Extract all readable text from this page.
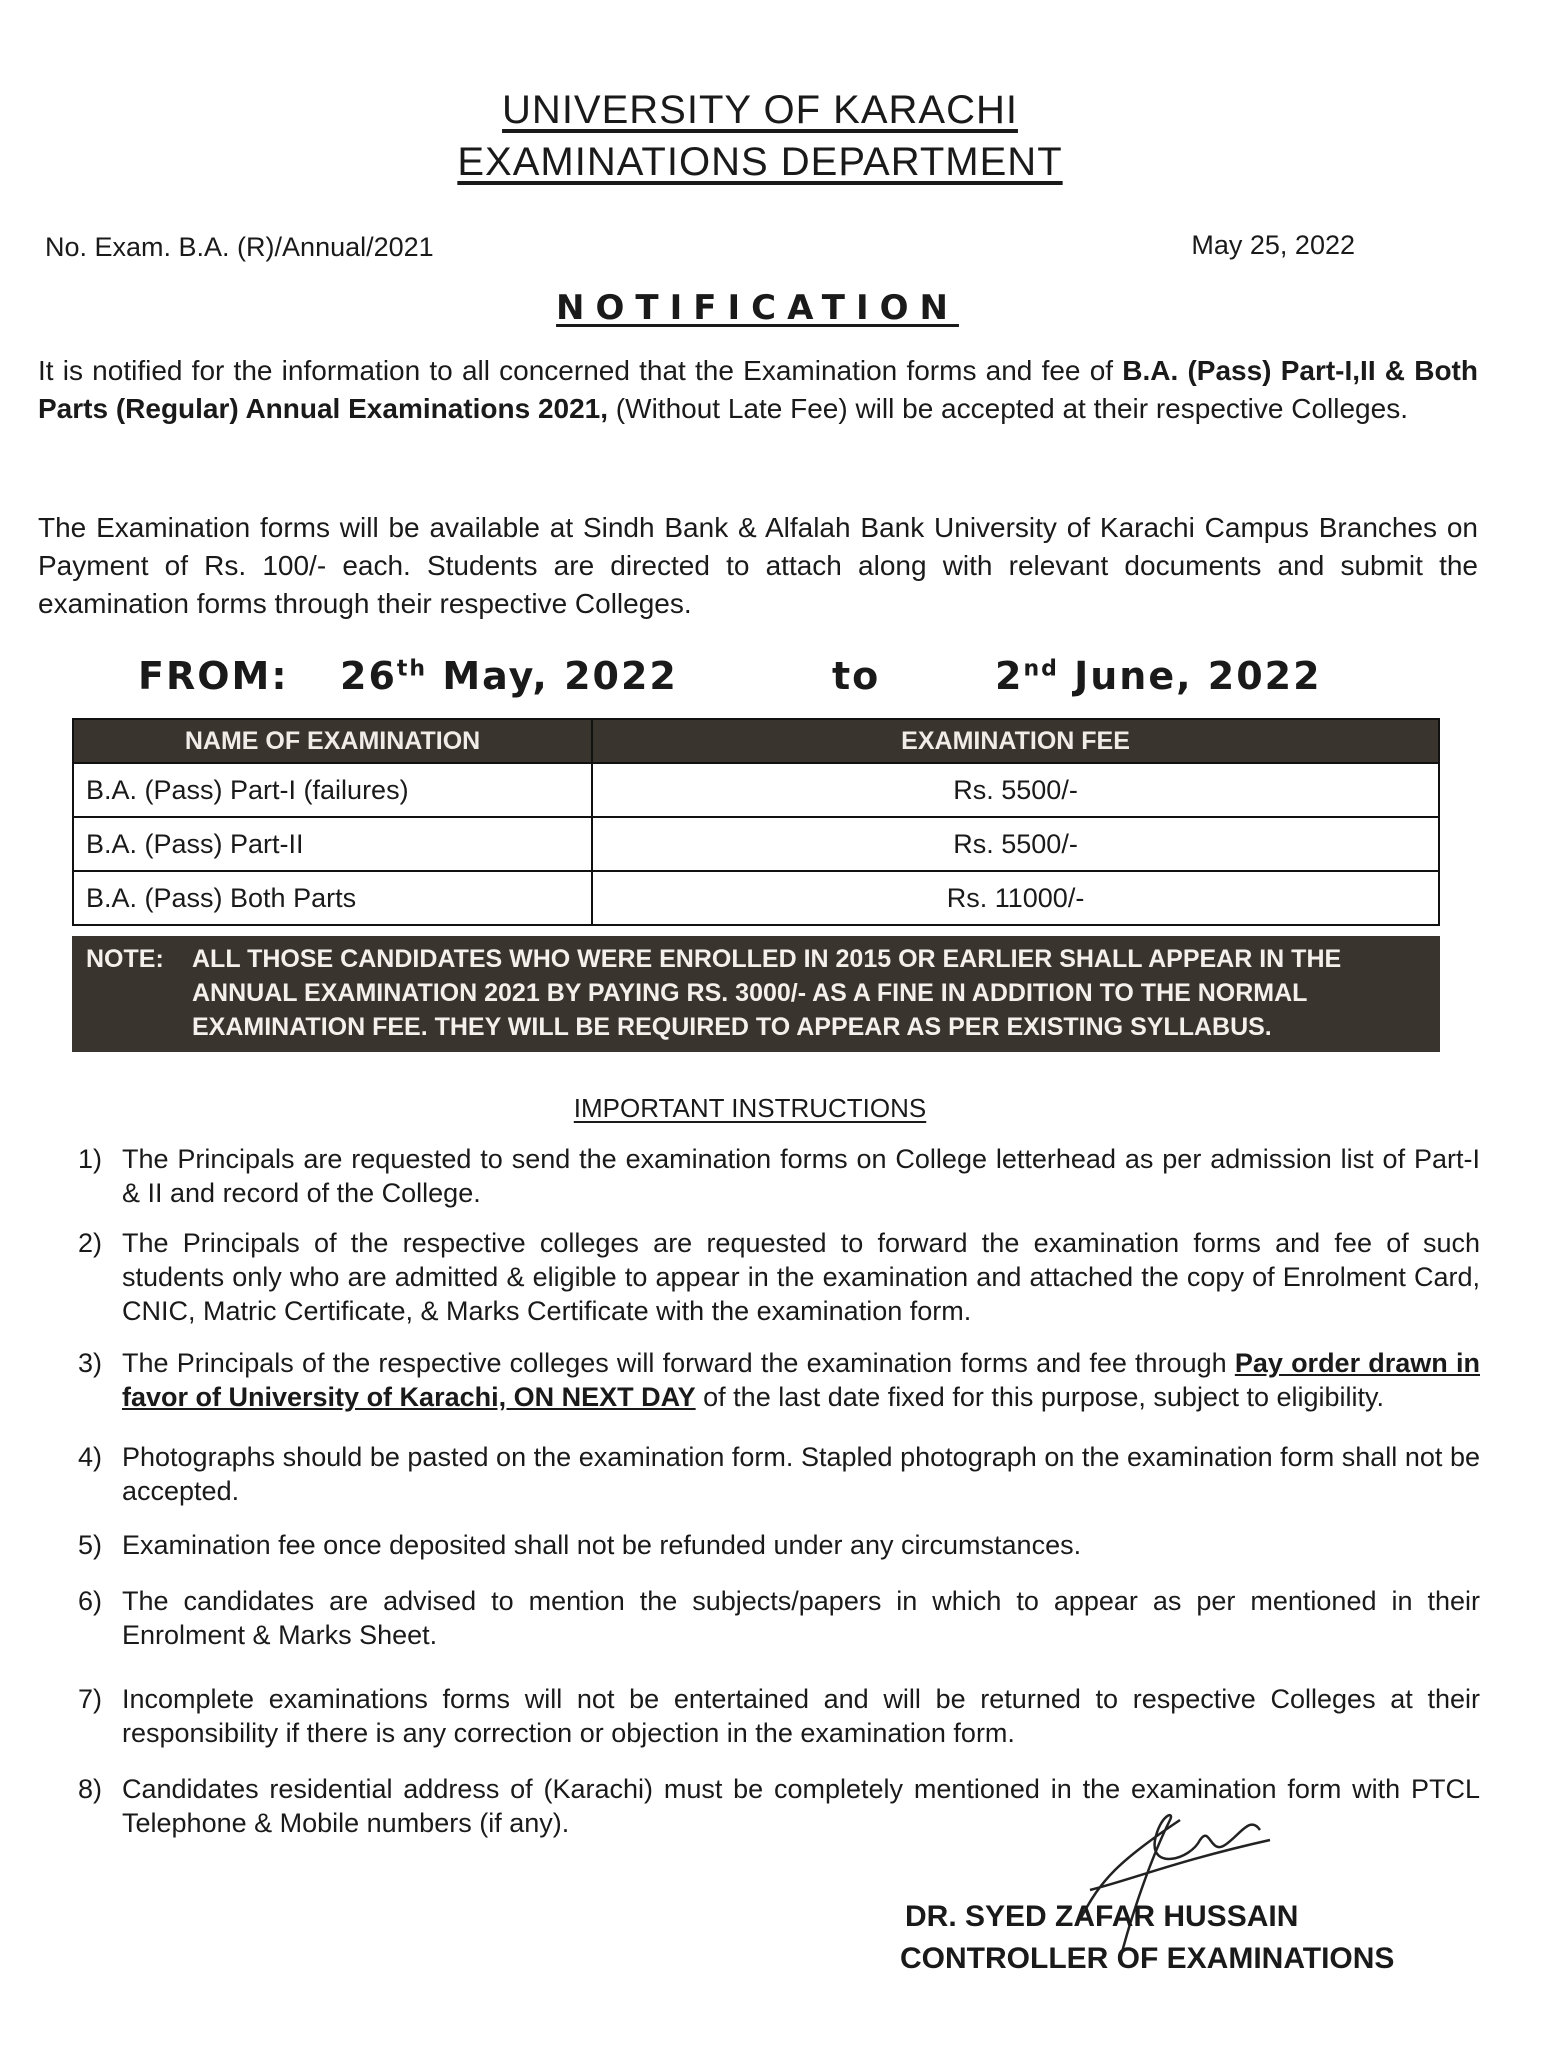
UNIVERSITY OF KARACHI
EXAMINATIONS DEPARTMENT
No. Exam. B.A. (R)/Annual/2021	May 25, 2022
NOTIFICATION
It is notified for the information to all concerned that the Examination forms and fee of B.A. (Pass) Part-I,II & Both Parts (Regular) Annual Examinations 2021, (Without Late Fee) will be accepted at their respective Colleges.
The Examination forms will be available at Sindh Bank & Alfalah Bank University of Karachi Campus Branches on Payment of Rs. 100/- each. Students are directed to attach along with relevant documents and submit the examination forms through their respective Colleges.
FROM: 26th May, 2022	to	2nd June, 2022
NAME OF EXAMINATION	EXAMINATION FEE
B.A. (Pass) Part-I (failures)	Rs. 5500/-
B.A. (Pass) Part-II	Rs. 5500/-
B.A. (Pass) Both Parts	Rs. 11000/-
NOTE: ALL THOSE CANDIDATES WHO WERE ENROLLED IN 2015 OR EARLIER SHALL APPEAR IN THE ANNUAL EXAMINATION 2021 BY PAYING RS. 3000/- AS A FINE IN ADDITION TO THE NORMAL EXAMINATION FEE. THEY WILL BE REQUIRED TO APPEAR AS PER EXISTING SYLLABUS.
IMPORTANT INSTRUCTIONS
1) The Principals are requested to send the examination forms on College letterhead as per admission list of Part-I & II and record of the College.
2) The Principals of the respective colleges are requested to forward the examination forms and fee of such students only who are admitted & eligible to appear in the examination and attached the copy of Enrolment Card, CNIC, Matric Certificate, & Marks Certificate with the examination form.
3) The Principals of the respective colleges will forward the examination forms and fee through Pay order drawn in favor of University of Karachi, ON NEXT DAY of the last date fixed for this purpose, subject to eligibility.
4) Photographs should be pasted on the examination form. Stapled photograph on the examination form shall not be accepted.
5) Examination fee once deposited shall not be refunded under any circumstances.
6) The candidates are advised to mention the subjects/papers in which to appear as per mentioned in their Enrolment & Marks Sheet.
7) Incomplete examinations forms will not be entertained and will be returned to respective Colleges at their responsibility if there is any correction or objection in the examination form.
8) Candidates residential address of (Karachi) must be completely mentioned in the examination form with PTCL Telephone & Mobile numbers (if any).
DR. SYED ZAFAR HUSSAIN
CONTROLLER OF EXAMINATIONS
